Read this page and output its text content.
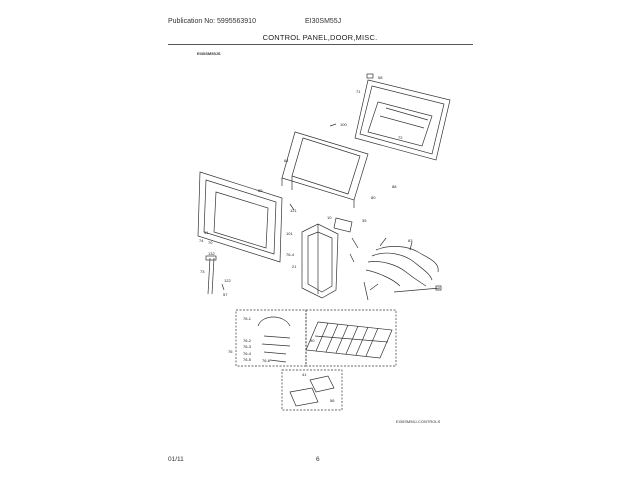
Publication No: 5995563910	EI30SM55J
CONTROL PANEL,DOOR,MISC.
EI30SM55JS
58
71
100
72
64
85
121
51
74 70
132
101
76-4
10
21
88
80
35
63
73
122
57
76-1
76-2
76-3
76	76-4
76-5	76-6
90
41
56
EI30SM55J-CONTROLS
01/11	6
